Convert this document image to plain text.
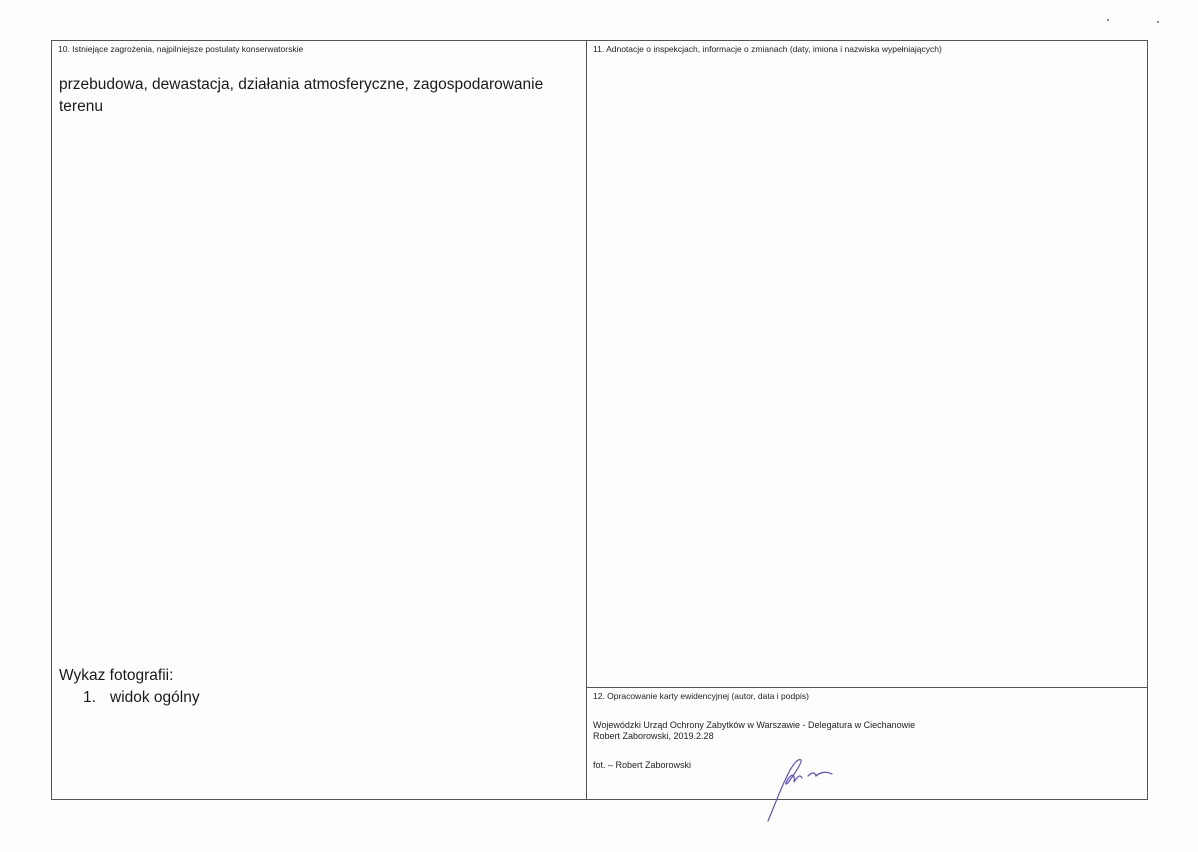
10. Istniejące zagrożenia, najpilniejsze postulaty konserwatorskie
przebudowa, dewastacja, działania atmosferyczne, zagospodarowanie terenu
Wykaz fotografii:
1. widok ogólny
11. Adnotacje o inspekcjach, informacje o zmianach (daty, imiona i nazwiska wypełniających)
12. Opracowanie karty ewidencyjnej (autor, data i podpis)
Wojewódzki Urząd Ochrony Zabytków w Warszawie - Delegatura w Ciechanowie
Robert Zaborowski, 2019.2.28
fot. – Robert Zaborowski
